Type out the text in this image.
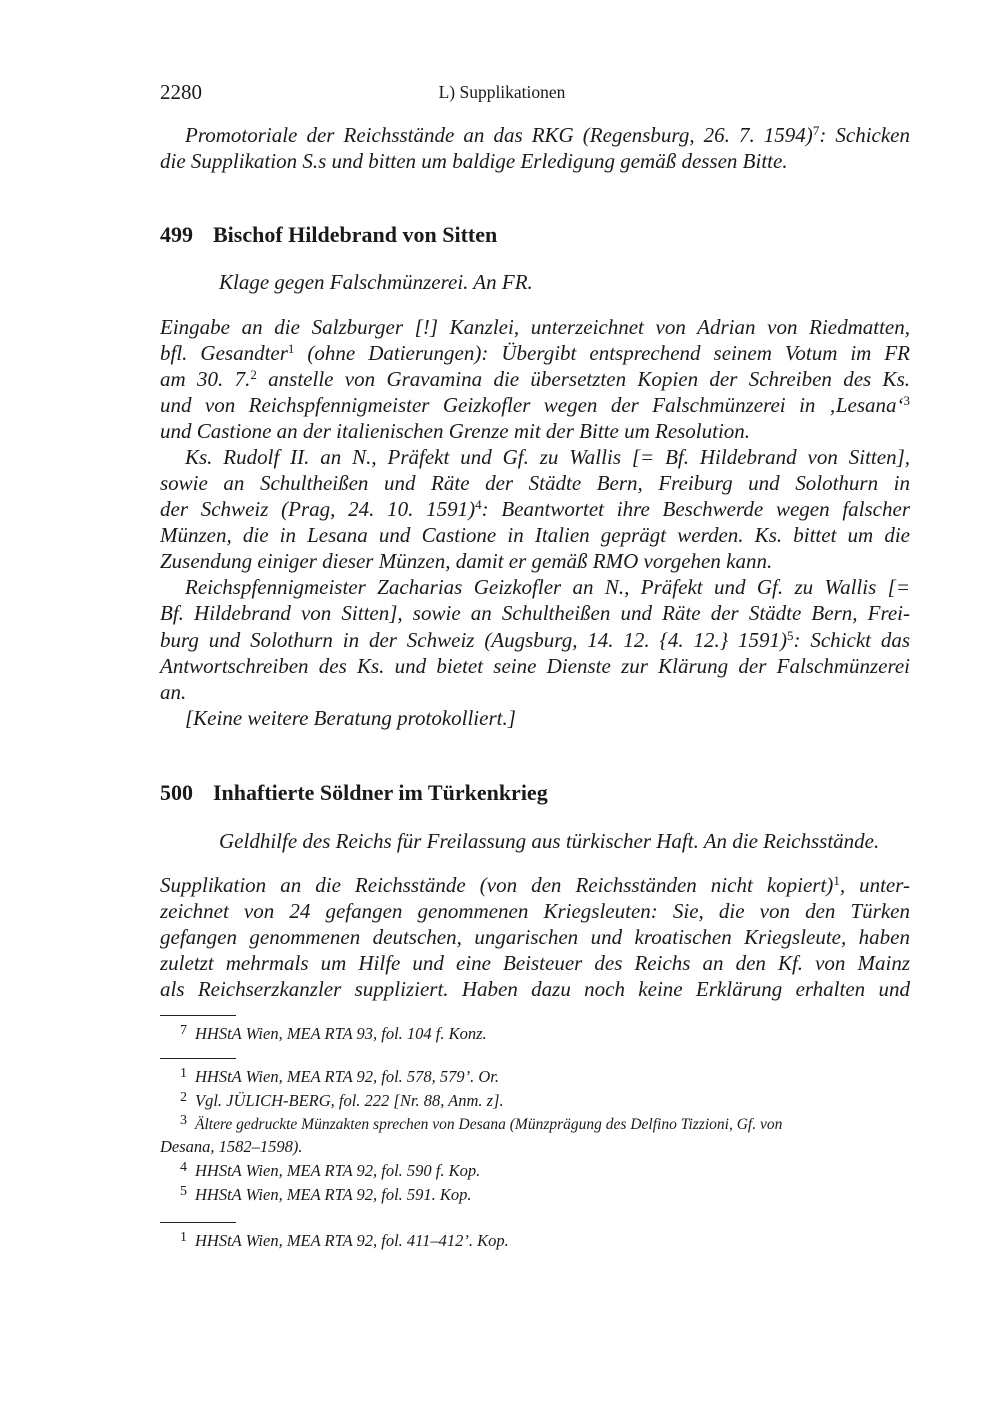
2280	L) Supplikationen
499 Bischof Hildebrand von Sitten
Klage gegen Falschmünzerei. An FR.
500 Inhaftierte Söldner im Türkenkrieg
Geldhilfe des Reichs für Freilassung aus türkischer Haft. An die Reichsstände.
Promotoriale der Reichsstände an das RKG (Regensburg, 26. 7. 1594)$^7$: Schicken
die Supplikation S.s und bitten um baldige Erledigung gemäß dessen Bitte.
Eingabe an die Salzburger [!] Kanzlei, unterzeichnet von Adrian von Riedmatten,
bfl. Gesandter$^1$ (ohne Datierungen): Übergibt entsprechend seinem Votum im FR
am 30. 7.$^2$ anstelle von Gravamina die übersetzten Kopien der Schreiben des Ks.
und von Reichspfennigmeister Geizkofler wegen der Falschmünzerei in ‚Lesana‘$^3$
und Castione an der italienischen Grenze mit der Bitte um Resolution.
Ks. Rudolf II. an N., Präfekt und Gf. zu Wallis [= Bf. Hildebrand von Sitten],
sowie an Schultheißen und Räte der Städte Bern, Freiburg und Solothurn in
der Schweiz (Prag, 24. 10. 1591)$^4$: Beantwortet ihre Beschwerde wegen falscher
Münzen, die in Lesana und Castione in Italien geprägt werden. Ks. bittet um die
Zusendung einiger dieser Münzen, damit er gemäß RMO vorgehen kann.
Reichspfennigmeister Zacharias Geizkofler an N., Präfekt und Gf. zu Wallis [=
Bf. Hildebrand von Sitten], sowie an Schultheißen und Räte der Städte Bern, Frei-
burg und Solothurn in der Schweiz (Augsburg, 14. 12. {4. 12.} 1591)$^5$: Schickt das
Antwortschreiben des Ks. und bietet seine Dienste zur Klärung der Falschmünzerei
an.
[Keine weitere Beratung protokolliert.]
Supplikation an die Reichsstände (von den Reichsständen nicht kopiert)$^1$, unter-
zeichnet von 24 gefangen genommenen Kriegsleuten: Sie, die von den Türken
gefangen genommenen deutschen, ungarischen und kroatischen Kriegsleute, haben
zuletzt mehrmals um Hilfe und eine Beisteuer des Reichs an den Kf. von Mainz
als Reichserzkanzler suppliziert. Haben dazu noch keine Erklärung erhalten und
$^7$ HHStA Wien, MEA RTA 93, fol. 104 f. Konz.
$^1$ HHStA Wien, MEA RTA 92, fol. 578, 579’. Or.
$^2$ Vgl. JÜLICH-BERG, fol. 222 [Nr. 88, Anm. z].
$^3$ Ältere gedruckte Münzakten sprechen von Desana (Münzprägung des Delfino Tizzioni, Gf. von
Desana, 1582–1598).
$^4$ HHStA Wien, MEA RTA 92, fol. 590 f. Kop.
$^5$ HHStA Wien, MEA RTA 92, fol. 591. Kop.
$^1$ HHStA Wien, MEA RTA 92, fol. 411–412’. Kop.
